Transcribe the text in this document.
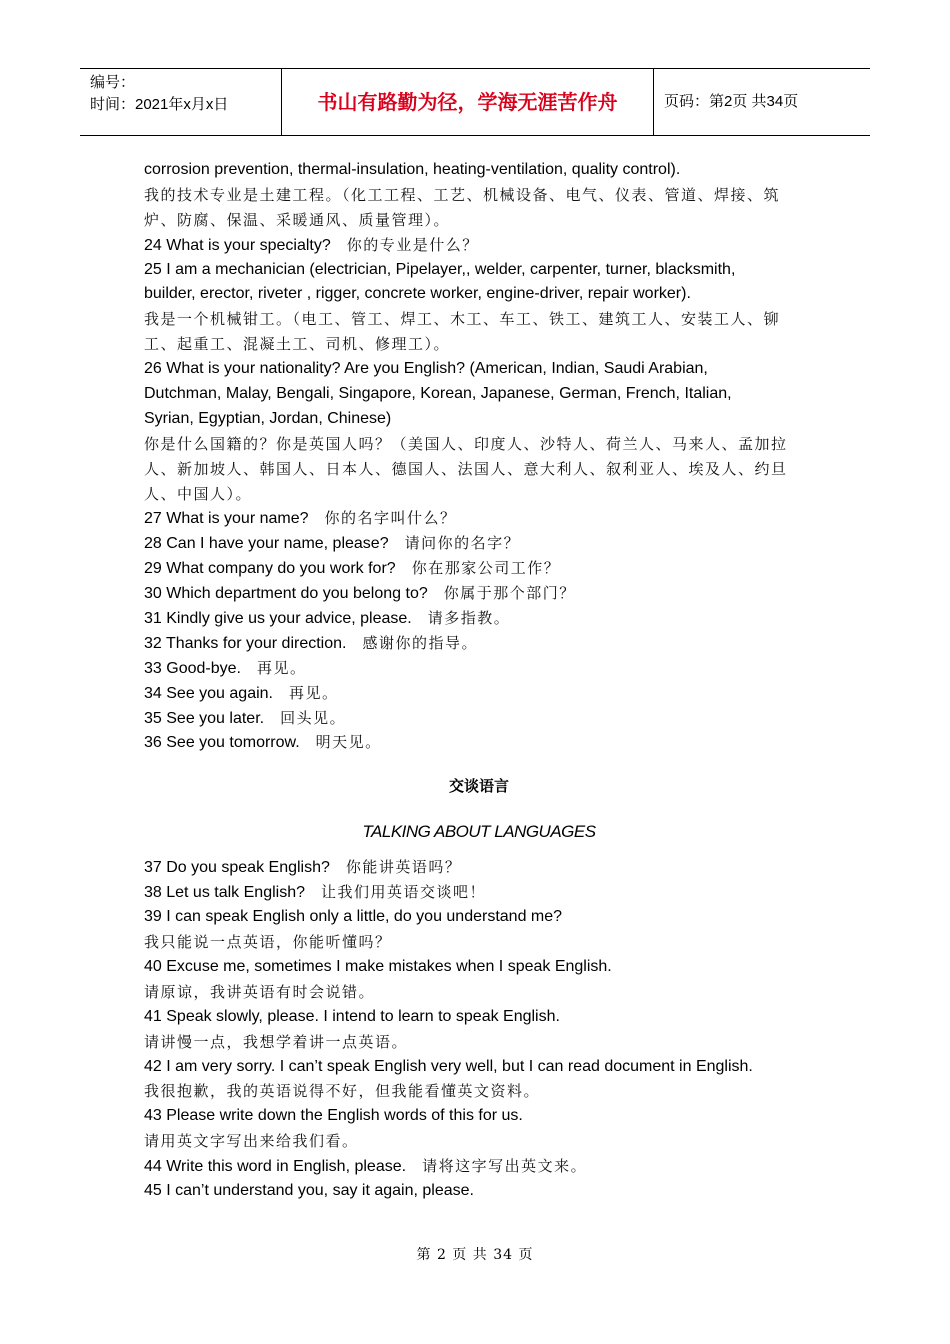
编号：
时间：2021年x月x日	书山有路勤为径，学海无涯苦作舟	页码：第2页 共34页
corrosion prevention, thermal-insulation, heating-ventilation, quality control).
我的技术专业是土建工程。（化工工程、工艺、机械设备、电气、仪表、管道、焊接、筑
炉、防腐、保温、采暖通风、质量管理）。
24 What is your specialty? 你的专业是什么？
25 I am a mechanician (electrician, Pipelayer,, welder, carpenter, turner, blacksmith,
builder, erector, riveter , rigger, concrete worker, engine-driver, repair worker).
我是一个机械钳工。（电工、管工、焊工、木工、车工、铁工、建筑工人、安装工人、铆
工、起重工、混凝土工、司机、修理工）。
26 What is your nationality? Are you English? (American, Indian, Saudi Arabian,
Dutchman, Malay, Bengali, Singapore, Korean, Japanese, German, French, Italian,
Syrian, Egyptian, Jordan, Chinese)
你是什么国籍的？你是英国人吗？（美国人、印度人、沙特人、荷兰人、马来人、孟加拉
人、新加坡人、韩国人、日本人、德国人、法国人、意大利人、叙利亚人、埃及人、约旦
人、中国人）。
27 What is your name? 你的名字叫什么？
28 Can I have your name, please? 请问你的名字？
29 What company do you work for? 你在那家公司工作？
30 Which department do you belong to? 你属于那个部门？
31 Kindly give us your advice, please. 请多指教。
32 Thanks for your direction. 感谢你的指导。
33 Good-bye. 再见。
34 See you again. 再见。
35 See you later. 回头见。
36 See you tomorrow. 明天见。
交谈语言
TALKING ABOUT LANGUAGES
37 Do you speak English? 你能讲英语吗？
38 Let us talk English? 让我们用英语交谈吧！
39 I can speak English only a little, do you understand me?
我只能说一点英语，你能听懂吗？
40 Excuse me, sometimes I make mistakes when I speak English.
请原谅，我讲英语有时会说错。
41 Speak slowly, please. I intend to learn to speak English.
请讲慢一点，我想学着讲一点英语。
42 I am very sorry. I can’t speak English very well, but I can read document in English.
我很抱歉，我的英语说得不好，但我能看懂英文资料。
43 Please write down the English words of this for us.
请用英文字写出来给我们看。
44 Write this word in English, please. 请将这字写出英文来。
45 I can’t understand you, say it again, please.
第 2 页 共 34 页
